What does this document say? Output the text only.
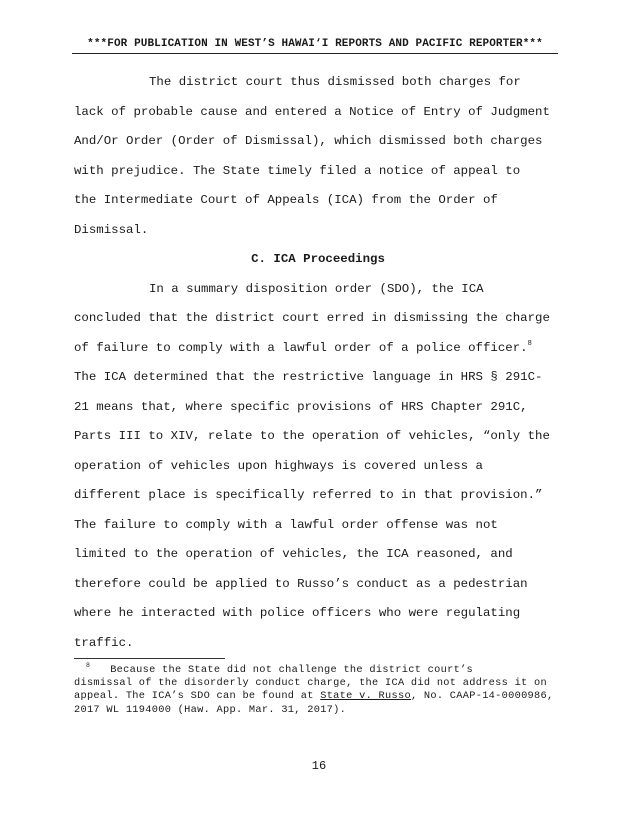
***FOR PUBLICATION IN WEST’S HAWAI‘I REPORTS AND PACIFIC REPORTER***
The district court thus dismissed both charges for
lack of probable cause and entered a Notice of Entry of Judgment
And/Or Order (Order of Dismissal), which dismissed both charges
with prejudice. The State timely filed a notice of appeal to
the Intermediate Court of Appeals (ICA) from the Order of
Dismissal.
C. ICA Proceedings
In a summary disposition order (SDO), the ICA
concluded that the district court erred in dismissing the charge
of failure to comply with a lawful order of a police officer.$^8$
The ICA determined that the restrictive language in HRS § 291C-
21 means that, where specific provisions of HRS Chapter 291C,
Parts III to XIV, relate to the operation of vehicles, “only the
operation of vehicles upon highways is covered unless a
different place is specifically referred to in that provision.”
The failure to comply with a lawful order offense was not
limited to the operation of vehicles, the ICA reasoned, and
therefore could be applied to Russo’s conduct as a pedestrian
where he interacted with police officers who were regulating
traffic.
$^8$ Because the State did not challenge the district court’s
dismissal of the disorderly conduct charge, the ICA did not address it on
appeal. The ICA’s SDO can be found at State v. Russo, No. CAAP-14-0000986,
2017 WL 1194000 (Haw. App. Mar. 31, 2017).
16
